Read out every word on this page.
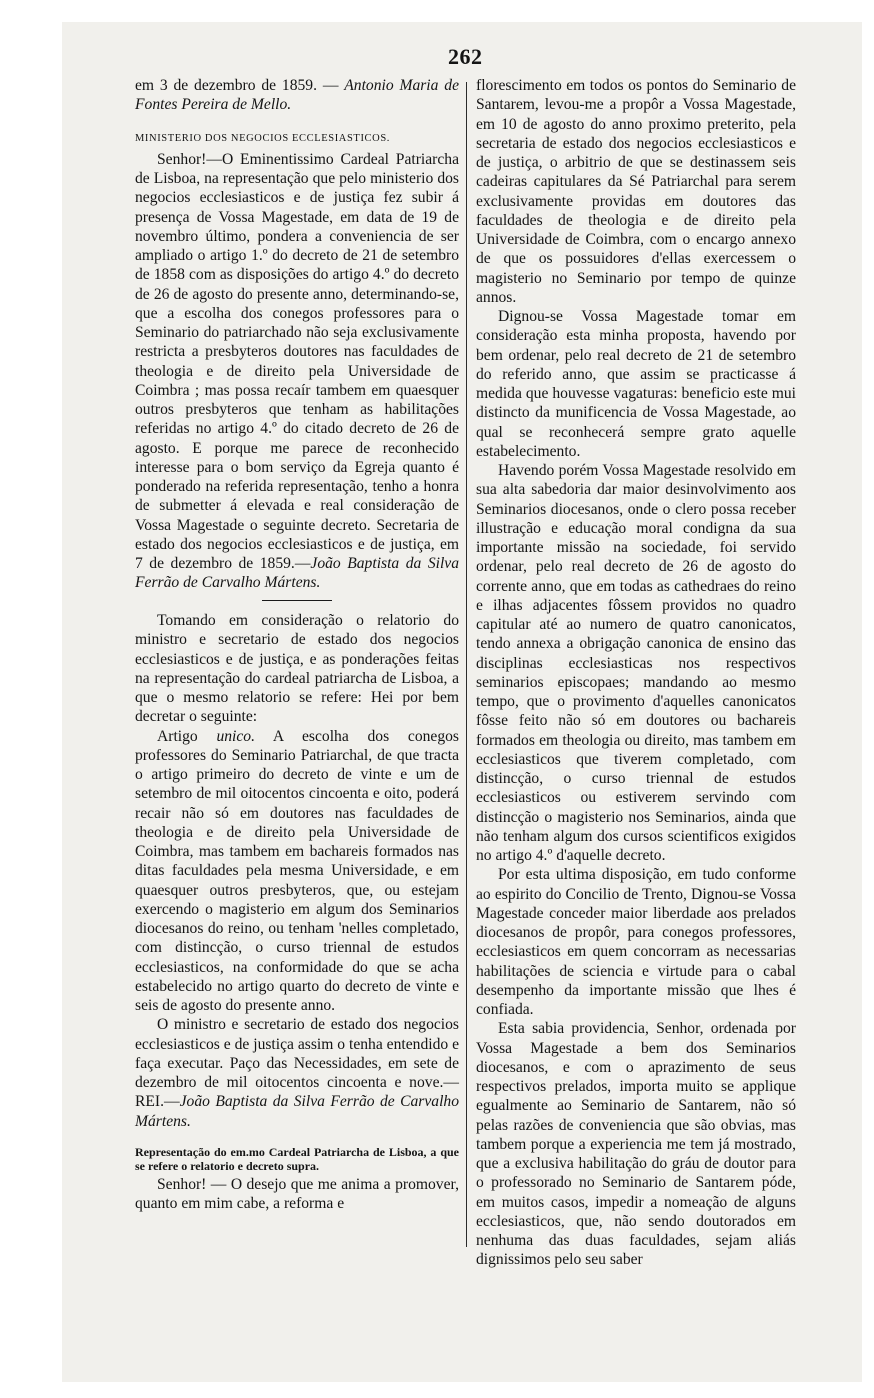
262

em 3 de dezembro de 1859. — Antonio Maria de Fontes Pereira de Mello.

MINISTERIO DOS NEGOCIOS ECCLESIASTICOS.

Senhor!—O Eminentissimo Cardeal Patriarcha de Lisboa, na representação que pelo ministerio dos negocios ecclesiasticos e de justiça fez subir á presença de Vossa Magestade, em data de 19 de novembro último, pondera a conveniencia de ser ampliado o artigo 1.º do decreto de 21 de setembro de 1858 com as disposições do artigo 4.º do decreto de 26 de agosto do presente anno, determinando-se, que a escolha dos conegos professores para o Seminario do patriarchado não seja exclusivamente restricta a presbyteros doutores nas faculdades de theologia e de direito pela Universidade de Coimbra ; mas possa recaír tambem em quaesquer outros presbyteros que tenham as habilitações referidas no artigo 4.º do citado decreto de 26 de agosto. E porque me parece de reconhecido interesse para o bom serviço da Egreja quanto é ponderado na referida representação, tenho a honra de submetter á elevada e real consideração de Vossa Magestade o seguinte decreto. Secretaria de estado dos negocios ecclesiasticos e de justiça, em 7 de dezembro de 1859.—João Baptista da Silva Ferrão de Carvalho Mártens.

Tomando em consideração o relatorio do ministro e secretario de estado dos negocios ecclesiasticos e de justiça, e as ponderações feitas na representação do cardeal patriarcha de Lisboa, a que o mesmo relatorio se refere: Hei por bem decretar o seguinte:

Artigo unico. A escolha dos conegos professores do Seminario Patriarchal, de que tracta o artigo primeiro do decreto de vinte e um de setembro de mil oitocentos cincoenta e oito, poderá recair não só em doutores nas faculdades de theologia e de direito pela Universidade de Coimbra, mas tambem em bachareis formados nas ditas faculdades pela mesma Universidade, e em quaesquer outros presbyteros, que, ou estejam exercendo o magisterio em algum dos Seminarios diocesanos do reino, ou tenham 'nelles completado, com distincção, o curso triennal de estudos ecclesiasticos, na conformidade do que se acha estabelecido no artigo quarto do decreto de vinte e seis de agosto do presente anno.

O ministro e secretario de estado dos negocios ecclesiasticos e de justiça assim o tenha entendido e faça executar. Paço das Necessidades, em sete de dezembro de mil oitocentos cincoenta e nove.—REI.—João Baptista da Silva Ferrão de Carvalho Mártens.

Representação do em.mo Cardeal Patriarcha de Lisboa, a que se refere o relatorio e decreto supra.

Senhor! — O desejo que me anima a promover, quanto em mim cabe, a reforma e

florescimento em todos os pontos do Seminario de Santarem, levou-me a propôr a Vossa Magestade, em 10 de agosto do anno proximo preterito, pela secretaria de estado dos negocios ecclesiasticos e de justiça, o arbitrio de que se destinassem seis cadeiras capitulares da Sé Patriarchal para serem exclusivamente providas em doutores das faculdades de theologia e de direito pela Universidade de Coimbra, com o encargo annexo de que os possuidores d'ellas exercessem o magisterio no Seminario por tempo de quinze annos.

Dignou-se Vossa Magestade tomar em consideração esta minha proposta, havendo por bem ordenar, pelo real decreto de 21 de setembro do referido anno, que assim se practicasse á medida que houvesse vagaturas: beneficio este mui distincto da munificencia de Vossa Magestade, ao qual se reconhecerá sempre grato aquelle estabelecimento.

Havendo porém Vossa Magestade resolvido em sua alta sabedoria dar maior desinvolvimento aos Seminarios diocesanos, onde o clero possa receber illustração e educação moral condigna da sua importante missão na sociedade, foi servido ordenar, pelo real decreto de 26 de agosto do corrente anno, que em todas as cathedraes do reino e ilhas adjacentes fôssem providos no quadro capitular até ao numero de quatro canonicatos, tendo annexa a obrigação canonica de ensino das disciplinas ecclesiasticas nos respectivos seminarios episcopaes; mandando ao mesmo tempo, que o provimento d'aquelles canonicatos fôsse feito não só em doutores ou bachareis formados em theologia ou direito, mas tambem em ecclesiasticos que tiverem completado, com distincção, o curso triennal de estudos ecclesiasticos ou estiverem servindo com distincção o magisterio nos Seminarios, ainda que não tenham algum dos cursos scientificos exigidos no artigo 4.º d'aquelle decreto.

Por esta ultima disposição, em tudo conforme ao espirito do Concilio de Trento, Dignou-se Vossa Magestade conceder maior liberdade aos prelados diocesanos de propôr, para conegos professores, ecclesiasticos em quem concorram as necessarias habilitações de sciencia e virtude para o cabal desempenho da importante missão que lhes é confiada.

Esta sabia providencia, Senhor, ordenada por Vossa Magestade a bem dos Seminarios diocesanos, e com o aprazimento de seus respectivos prelados, importa muito se applique egualmente ao Seminario de Santarem, não só pelas razões de conveniencia que são obvias, mas tambem porque a experiencia me tem já mostrado, que a exclusiva habilitação do gráu de doutor para o professorado no Seminario de Santarem póde, em muitos casos, impedir a nomeação de alguns ecclesiasticos, que, não sendo doutorados em nenhuma das duas faculdades, sejam aliás dignissimos pelo seu saber
